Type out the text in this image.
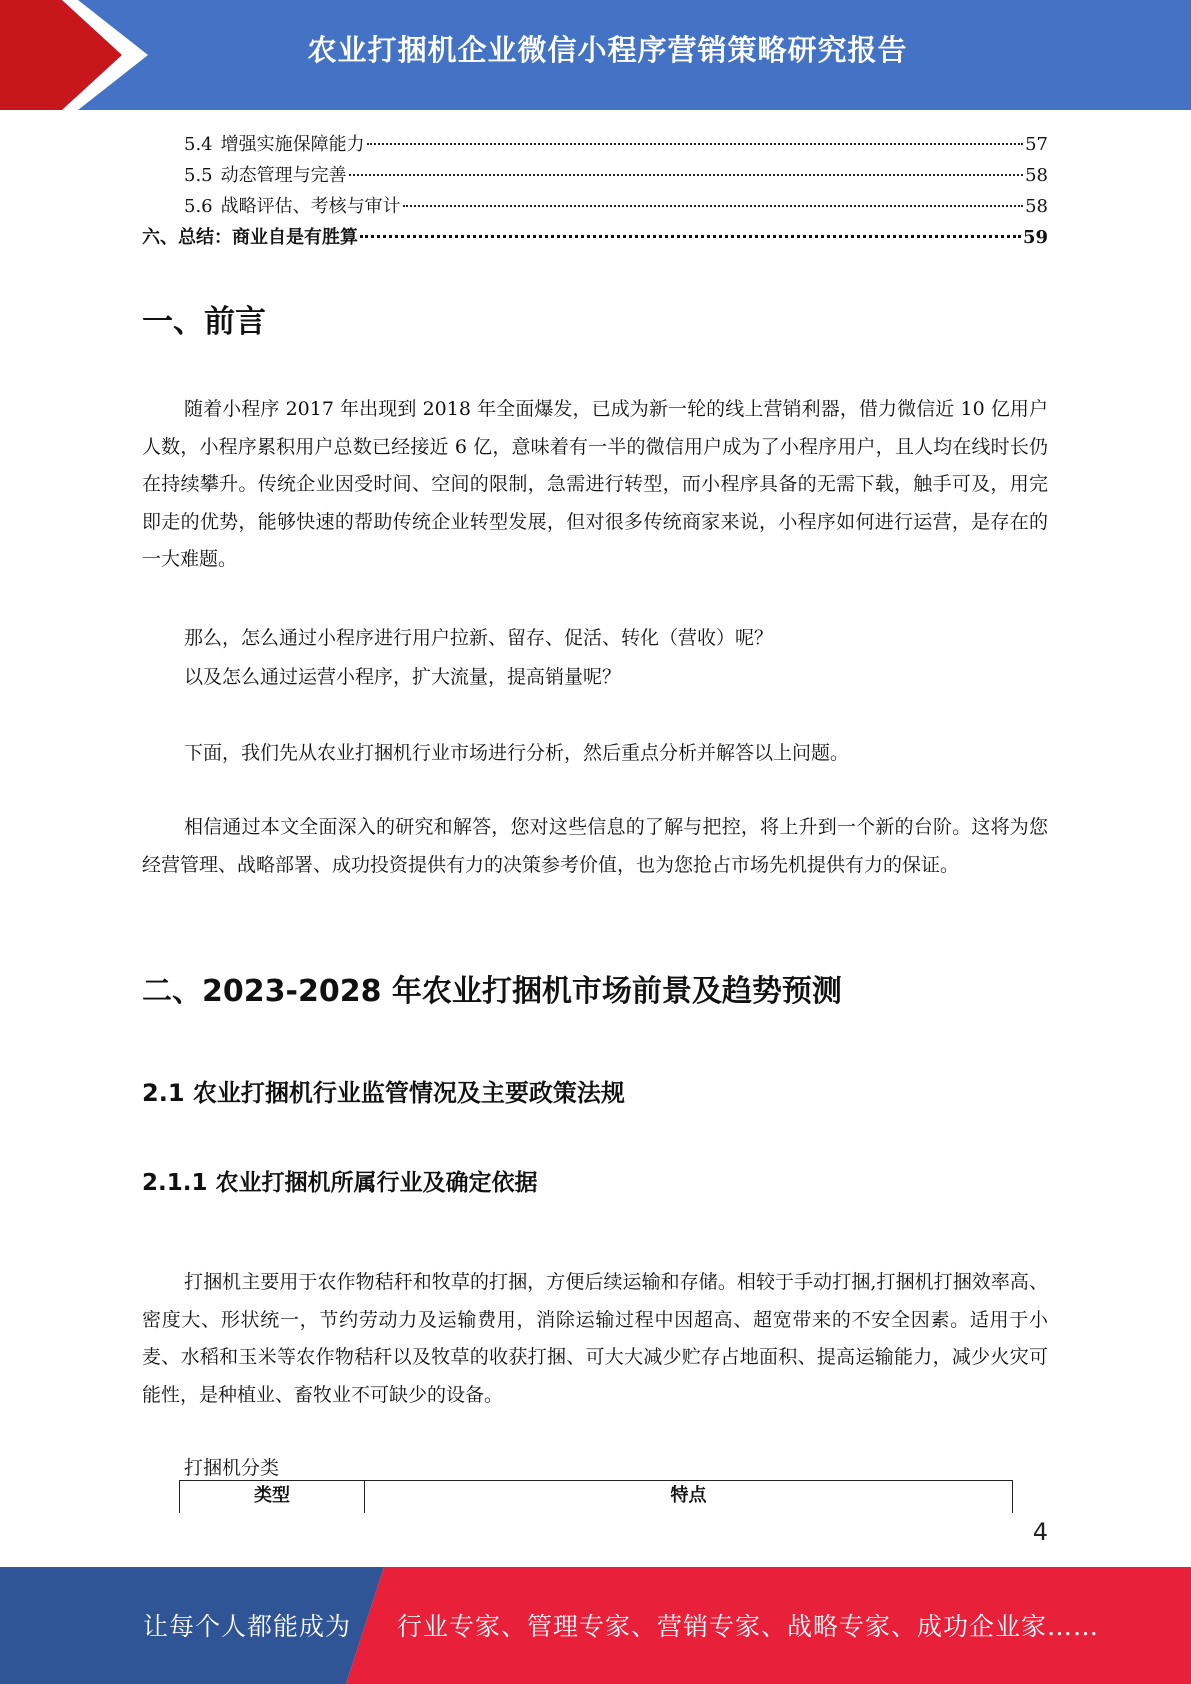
农业打捆机企业微信小程序营销策略研究报告
5.4 增强实施保障能力	57
5.5 动态管理与完善	58
5.6 战略评估、考核与审计	58
六、总结：商业自是有胜算	59
一、前言

随着小程序 2017 年出现到 2018 年全面爆发，已成为新一轮的线上营销利器，借力微信近 10 亿用户人数，小程序累积用户总数已经接近 6 亿，意味着有一半的微信用户成为了小程序用户，且人均在线时长仍在持续攀升。传统企业因受时间、空间的限制，急需进行转型，而小程序具备的无需下载，触手可及，用完即走的优势，能够快速的帮助传统企业转型发展，但对很多传统商家来说，小程序如何进行运营，是存在的一大难题。

那么，怎么通过小程序进行用户拉新、留存、促活、转化（营收）呢？

以及怎么通过运营小程序，扩大流量，提高销量呢？

下面，我们先从农业打捆机行业市场进行分析，然后重点分析并解答以上问题。

相信通过本文全面深入的研究和解答，您对这些信息的了解与把控，将上升到一个新的台阶。这将为您经营管理、战略部署、成功投资提供有力的决策参考价值，也为您抢占市场先机提供有力的保证。

二、2023-2028 年农业打捆机市场前景及趋势预测
2.1 农业打捆机行业监管情况及主要政策法规
2.1.1 农业打捆机所属行业及确定依据

打捆机主要用于农作物秸秆和牧草的打捆，方便后续运输和存储。相较于手动打捆,打捆机打捆效率高、密度大、形状统一，节约劳动力及运输费用，消除运输过程中因超高、超宽带来的不安全因素。适用于小麦、水稻和玉米等农作物秸秆以及牧草的收获打捆、可大大减少贮存占地面积、提高运输能力，减少火灾可能性，是种植业、畜牧业不可缺少的设备。

打捆机分类
类型	特点
4
让每个人都能成为 行业专家、管理专家、营销专家、战略专家、成功企业家……
